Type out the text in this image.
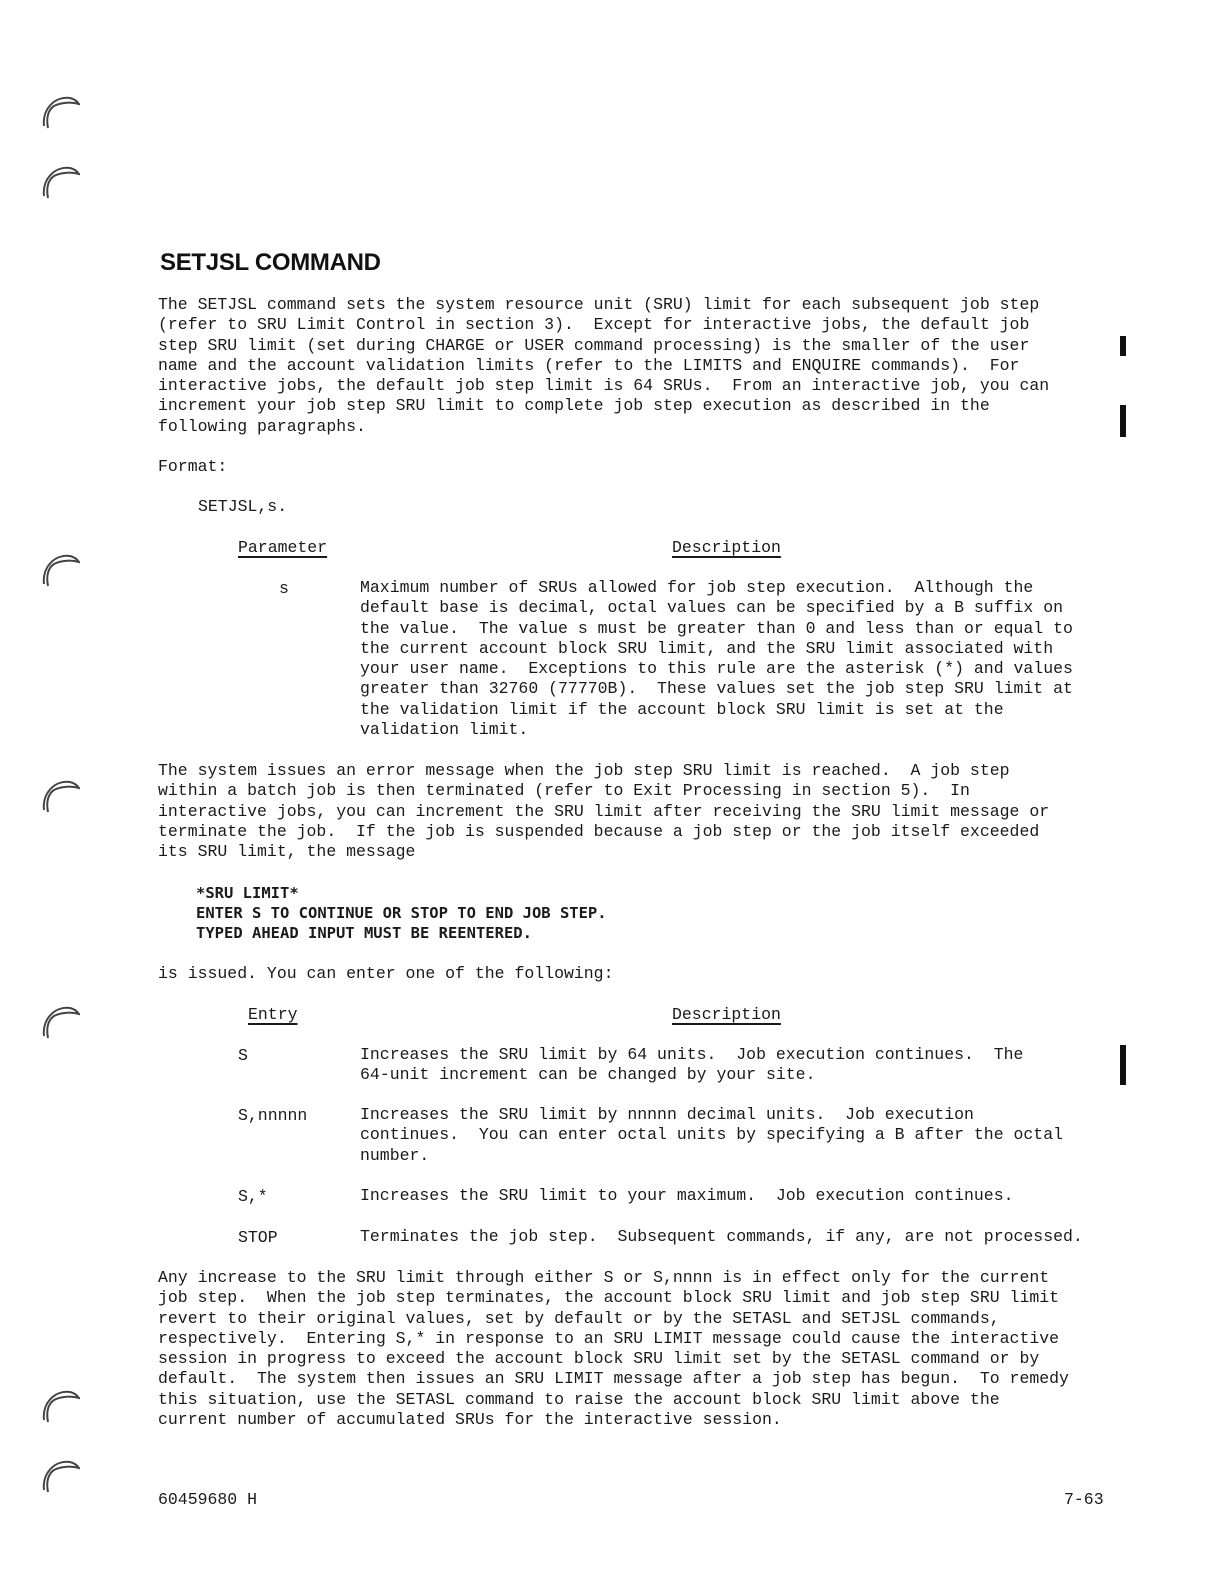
SETJSL COMMAND

The SETJSL command sets the system resource unit (SRU) limit for each subsequent job step
(refer to SRU Limit Control in section 3).  Except for interactive jobs, the default job
step SRU limit (set during CHARGE or USER command processing) is the smaller of the user
name and the account validation limits (refer to the LIMITS and ENQUIRE commands).  For
interactive jobs, the default job step limit is 64 SRUs.  From an interactive job, you can
increment your job step SRU limit to complete job step execution as described in the
following paragraphs.

Format:
SETJSL,s.
Parameter	Description
s	Maximum number of SRUs allowed for job step execution.  Although the
default base is decimal, octal values can be specified by a B suffix on
the value.  The value s must be greater than 0 and less than or equal to
the current account block SRU limit, and the SRU limit associated with
your user name.  Exceptions to this rule are the asterisk (*) and values
greater than 32760 (77770B).  These values set the job step SRU limit at
the validation limit if the account block SRU limit is set at the
validation limit.

The system issues an error message when the job step SRU limit is reached.  A job step
within a batch job is then terminated (refer to Exit Processing in section 5).  In
interactive jobs, you can increment the SRU limit after receiving the SRU limit message or
terminate the job.  If the job is suspended because a job step or the job itself exceeded
its SRU limit, the message

*SRU LIMIT*
ENTER S TO CONTINUE OR STOP TO END JOB STEP.
TYPED AHEAD INPUT MUST BE REENTERED.
is issued. You can enter one of the following:
Entry	Description
S	Increases the SRU limit by 64 units.  Job execution continues.  The
64-unit increment can be changed by your site.

S,nnnnn	Increases the SRU limit by nnnnn decimal units.  Job execution
continues.  You can enter octal units by specifying a B after the octal
number.

S,*	Increases the SRU limit to your maximum.  Job execution continues.

STOP	Terminates the job step.  Subsequent commands, if any, are not processed.

Any increase to the SRU limit through either S or S,nnnn is in effect only for the current
job step.  When the job step terminates, the account block SRU limit and job step SRU limit
revert to their original values, set by default or by the SETASL and SETJSL commands,
respectively.  Entering S,* in response to an SRU LIMIT message could cause the interactive
session in progress to exceed the account block SRU limit set by the SETASL command or by
default.  The system then issues an SRU LIMIT message after a job step has begun.  To remedy
this situation, use the SETASL command to raise the account block SRU limit above the
current number of accumulated SRUs for the interactive session.

60459680 H	7-63
